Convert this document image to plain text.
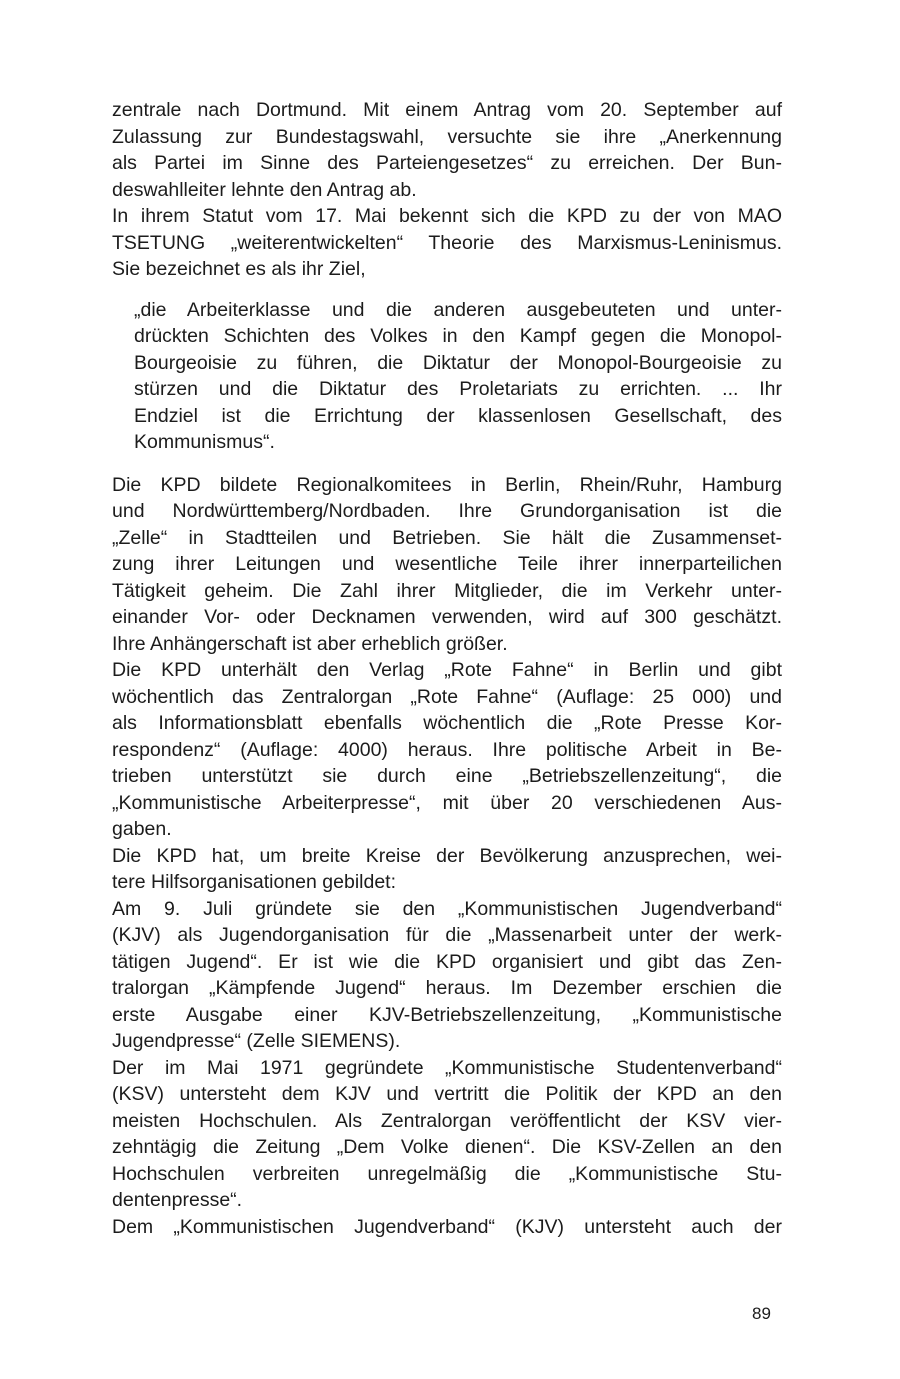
zentrale nach Dortmund. Mit einem Antrag vom 20. September auf
Zulassung zur Bundestagswahl, versuchte sie ihre „Anerkennung
als Partei im Sinne des Parteiengesetzes“ zu erreichen. Der Bun-
deswahlleiter lehnte den Antrag ab.
In ihrem Statut vom 17. Mai bekennt sich die KPD zu der von MAO
TSETUNG „weiterentwickelten“ Theorie des Marxismus-Leninismus.
Sie bezeichnet es als ihr Ziel,
„die Arbeiterklasse und die anderen ausgebeuteten und unter-
drückten Schichten des Volkes in den Kampf gegen die Monopol-
Bourgeoisie zu führen, die Diktatur der Monopol-Bourgeoisie zu
stürzen und die Diktatur des Proletariats zu errichten. ... Ihr
Endziel ist die Errichtung der klassenlosen Gesellschaft, des
Kommunismus“.
Die KPD bildete Regionalkomitees in Berlin, Rhein/Ruhr, Hamburg
und Nordwürttemberg/Nordbaden. Ihre Grundorganisation ist die
„Zelle“ in Stadtteilen und Betrieben. Sie hält die Zusammenset-
zung ihrer Leitungen und wesentliche Teile ihrer innerparteilichen
Tätigkeit geheim. Die Zahl ihrer Mitglieder, die im Verkehr unter-
einander Vor- oder Decknamen verwenden, wird auf 300 geschätzt.
Ihre Anhängerschaft ist aber erheblich größer.
Die KPD unterhält den Verlag „Rote Fahne“ in Berlin und gibt
wöchentlich das Zentralorgan „Rote Fahne“ (Auflage: 25 000) und
als Informationsblatt ebenfalls wöchentlich die „Rote Presse Kor-
respondenz“ (Auflage: 4000) heraus. Ihre politische Arbeit in Be-
trieben unterstützt sie durch eine „Betriebszellenzeitung“, die
„Kommunistische Arbeiterpresse“, mit über 20 verschiedenen Aus-
gaben.
Die KPD hat, um breite Kreise der Bevölkerung anzusprechen, wei-
tere Hilfsorganisationen gebildet:
Am 9. Juli gründete sie den „Kommunistischen Jugendverband“
(KJV) als Jugendorganisation für die „Massenarbeit unter der werk-
tätigen Jugend“. Er ist wie die KPD organisiert und gibt das Zen-
tralorgan „Kämpfende Jugend“ heraus. Im Dezember erschien die
erste Ausgabe einer KJV-Betriebszellenzeitung, „Kommunistische
Jugendpresse“ (Zelle SIEMENS).
Der im Mai 1971 gegründete „Kommunistische Studentenverband“
(KSV) untersteht dem KJV und vertritt die Politik der KPD an den
meisten Hochschulen. Als Zentralorgan veröffentlicht der KSV vier-
zehntägig die Zeitung „Dem Volke dienen“. Die KSV-Zellen an den
Hochschulen verbreiten unregelmäßig die „Kommunistische Stu-
dentenpresse“.
Dem „Kommunistischen Jugendverband“ (KJV) untersteht auch der
89
